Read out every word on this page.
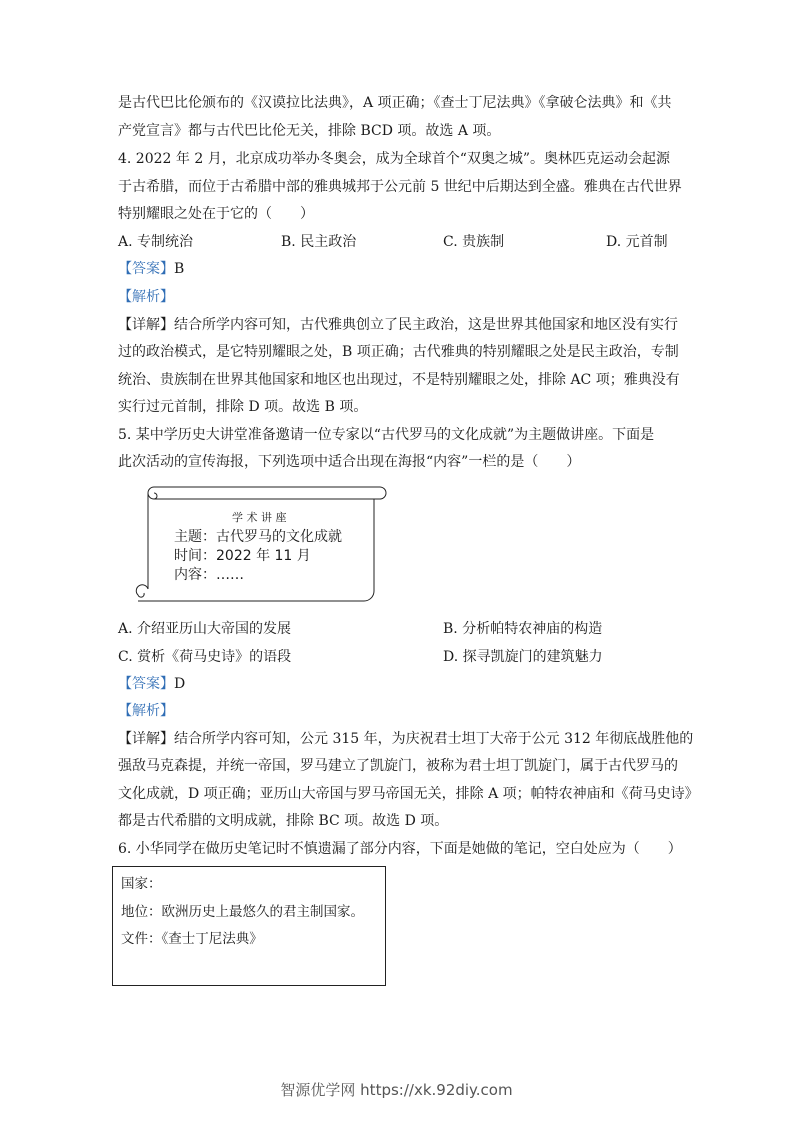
是古代巴比伦颁布的《汉谟拉比法典》，A 项正确；《查士丁尼法典》《拿破仑法典》和《共
产党宣言》都与古代巴比伦无关，排除 BCD 项。故选 A 项。
4. 2022 年 2 月，北京成功举办冬奥会，成为全球首个“双奥之城”。奥林匹克运动会起源
于古希腊，而位于古希腊中部的雅典城邦于公元前 5 世纪中后期达到全盛。雅典在古代世界
特别耀眼之处在于它的（　　）
A. 专制统治	B. 民主政治	C. 贵族制	D. 元首制
【答案】B
【解析】
【详解】结合所学内容可知，古代雅典创立了民主政治，这是世界其他国家和地区没有实行
过的政治模式，是它特别耀眼之处，B 项正确；古代雅典的特别耀眼之处是民主政治，专制
统治、贵族制在世界其他国家和地区也出现过，不是特别耀眼之处，排除 AC 项；雅典没有
实行过元首制，排除 D 项。故选 B 项。
5. 某中学历史大讲堂准备邀请一位专家以“古代罗马的文化成就”为主题做讲座。下面是
此次活动的宣传海报，下列选项中适合出现在海报“内容”一栏的是（　　）
学 术 讲 座
主题：古代罗马的文化成就
时间：2022 年 11 月
内容：……
A. 介绍亚历山大帝国的发展	B. 分析帕特农神庙的构造
C. 赏析《荷马史诗》的语段	D. 探寻凯旋门的建筑魅力
【答案】D
【解析】
【详解】结合所学内容可知，公元 315 年，为庆祝君士坦丁大帝于公元 312 年彻底战胜他的
强敌马克森提，并统一帝国，罗马建立了凯旋门，被称为君士坦丁凯旋门，属于古代罗马的
文化成就，D 项正确；亚历山大帝国与罗马帝国无关，排除 A 项；帕特农神庙和《荷马史诗》
都是古代希腊的文明成就，排除 BC 项。故选 D 项。
6. 小华同学在做历史笔记时不慎遗漏了部分内容，下面是她做的笔记，空白处应为（　　）
国家：
地位：欧洲历史上最悠久的君主制国家。
文件：《查士丁尼法典》
智源优学网 https://xk.92diy.com
